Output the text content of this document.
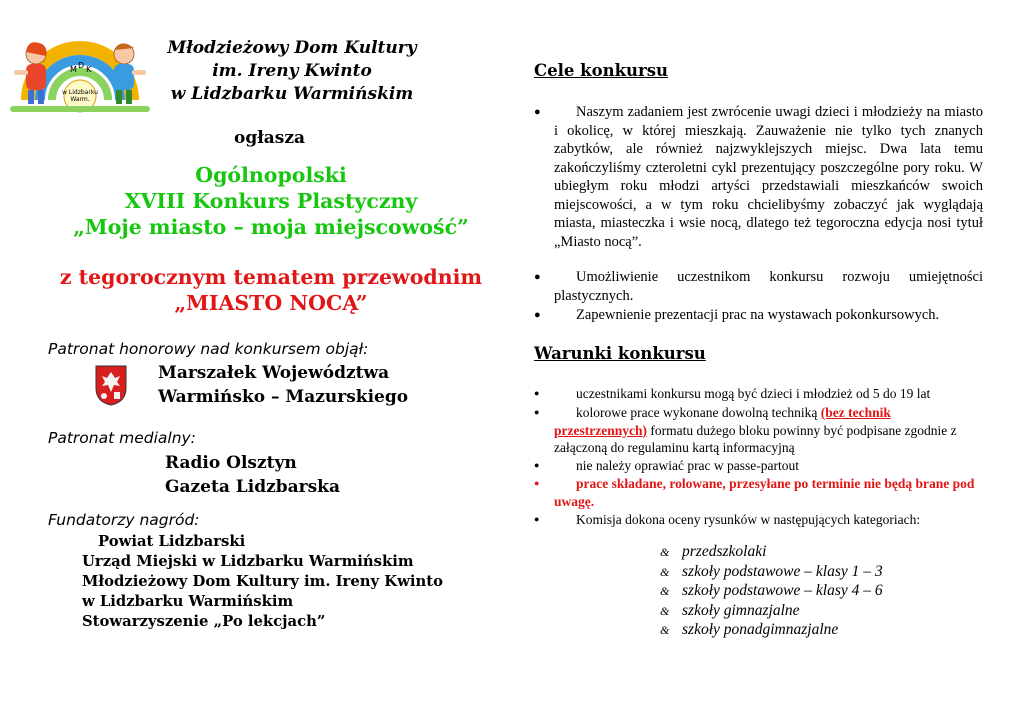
w Lidzbarku
Warm.
M D K
Młodzieżowy Dom Kultury
im. Ireny Kwinto
w Lidzbarku Warmińskim
ogłasza
Ogólnopolski
XVIII Konkurs Plastyczny
„Moje miasto – moja miejscowość”
z tegorocznym tematem przewodnim
„MIASTO NOCĄ”
Patronat honorowy nad konkursem objął:
Marszałek Województwa
Warmińsko – Mazurskiego
Patronat medialny:
Radio Olsztyn
Gazeta Lidzbarska
Fundatorzy nagród:
Powiat Lidzbarski
Urząd Miejski w Lidzbarku Warmińskim
Młodzieżowy Dom Kultury im. Ireny Kwinto
w Lidzbarku Warmińskim
Stowarzyszenie „Po lekcjach”
Cele konkursu
●	Naszym zadaniem jest zwrócenie uwagi dzieci i młodzieży na miasto i okolicę, w której mieszkają. Zauważenie nie tylko tych znanych zabytków, ale również najzwyklejszych miejsc. Dwa lata temu zakończyliśmy czteroletni cykl prezentujący poszczególne pory roku. W ubiegłym roku młodzi artyści przedstawiali mieszkańców swoich miejscowości, a w tym roku chcielibyśmy zobaczyć jak wyglądają miasta, miasteczka i wsie nocą, dlatego też tegoroczna edycja nosi tytuł „Miasto nocą”.
●	Umożliwienie uczestnikom konkursu rozwoju umiejętności plastycznych.
●	Zapewnienie prezentacji prac na wystawach pokonkursowych.
Warunki konkursu
●	uczestnikami konkursu mogą być dzieci i młodzież od 5 do 19 lat
●	kolorowe prace wykonane dowolną techniką (bez technik przestrzennych) formatu dużego bloku powinny być podpisane zgodnie z załączoną do regulaminu kartą informacyjną
●	nie należy oprawiać prac w passe-partout
●	prace składane, rolowane, przesyłane po terminie nie będą brane pod uwagę.
●	Komisja dokona oceny rysunków w następujących kategoriach:
& przedszkolaki
& szkoły podstawowe – klasy 1 – 3
& szkoły podstawowe – klasy 4 – 6
& szkoły gimnazjalne
& szkoły ponadgimnazjalne
